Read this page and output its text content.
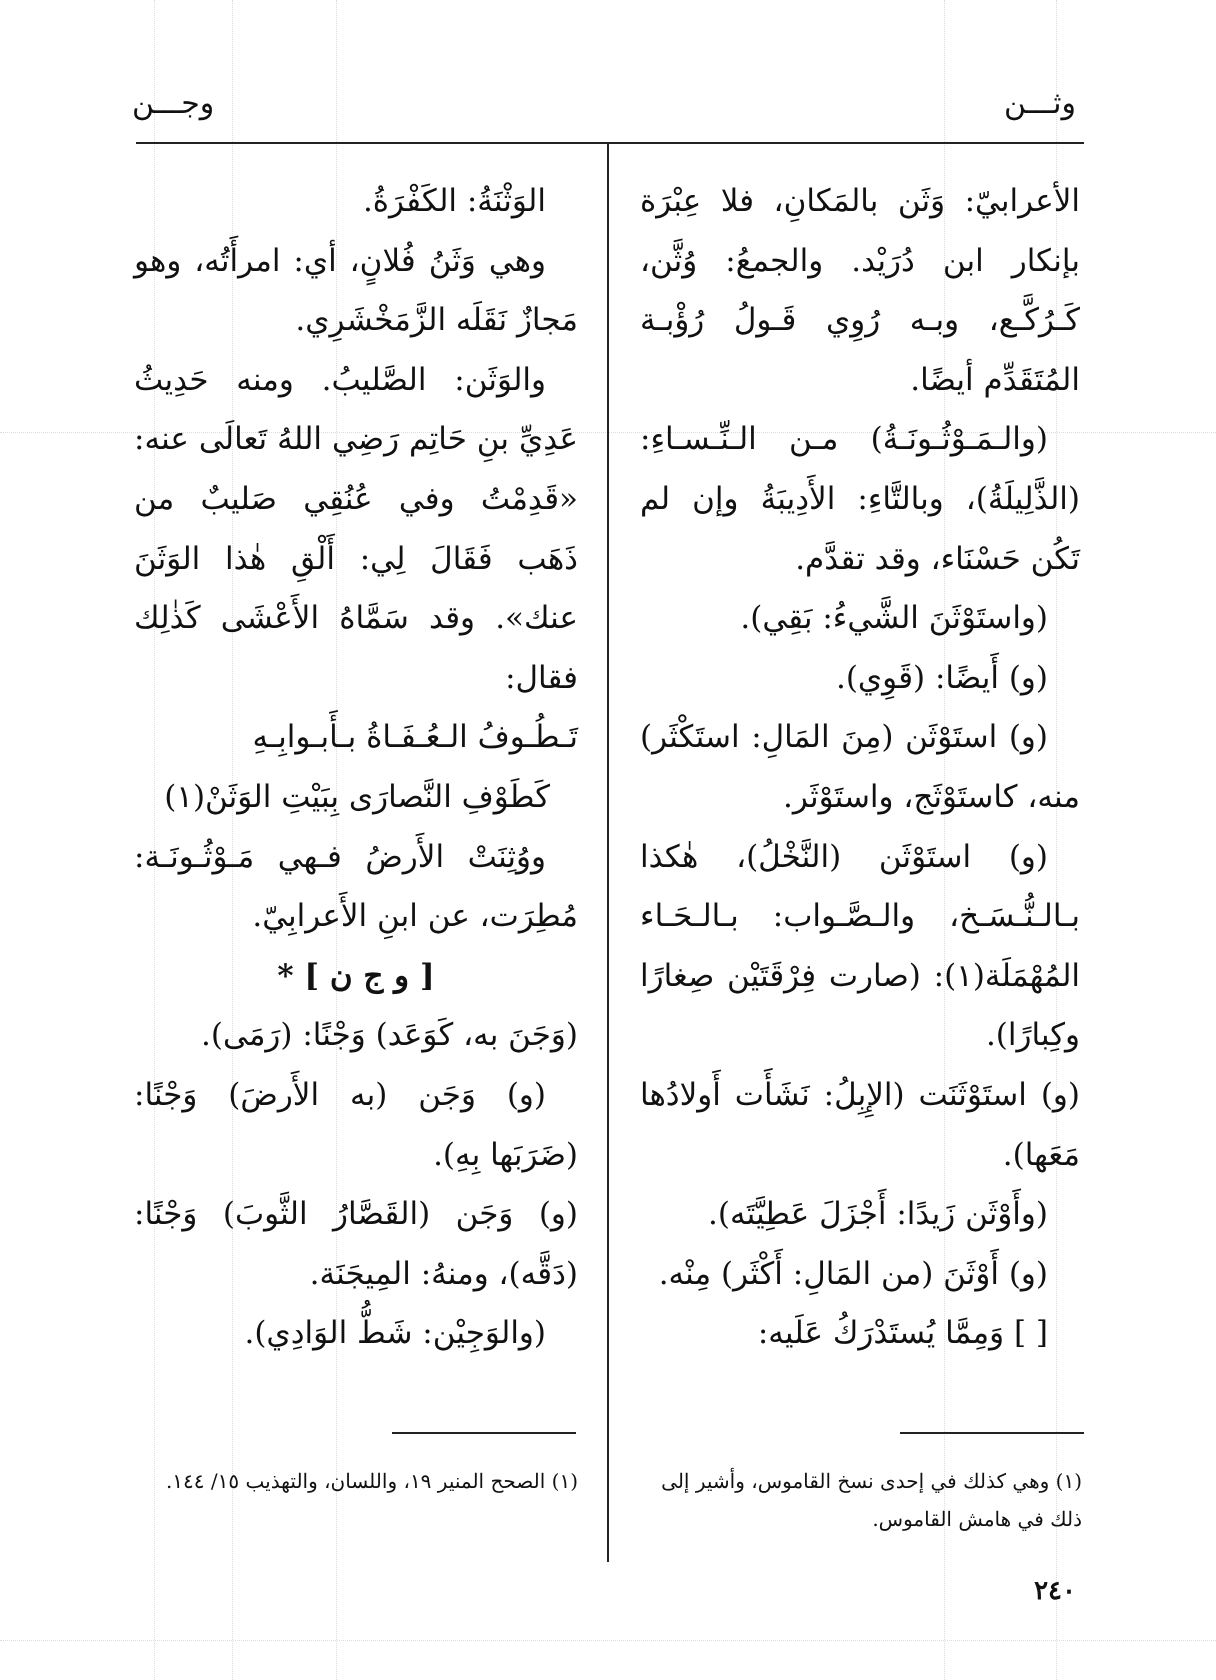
وثـــن
وجـــن

الأعرابيّ: وَثَن بالمَكانِ، فلا عِبْرَة بإنكار ابن دُرَيْد. والجمعُ: وُثَّن، كَـرُكَّـع، وبـه رُوِي قَـولُ رُؤْبـة المُتَقَدِّم أيضًا.

(والـمَـوْثُـونَـةُ) مـن الـنِّـسـاءِ: (الذَّلِيلَةُ)، وبالتَّاءِ: الأَدِيبَةُ وإن لم تَكُن حَسْنَاء، وقد تقدَّم.

(واستَوْثَنَ الشَّيءُ: بَقِي).

(و) أَيضًا: (قَوِي).

(و) استَوْثَن (مِنَ المَالِ: استَكْثَر) منه، كاستَوْثَج، واستَوْثَر.

(و) استَوْثَن (النَّخْلُ)، هٰكذا بـالـنُّـسَـخ، والـصَّـواب: بـالـحَـاء المُهْمَلَة(١): (صارت فِرْقَتَيْن صِغارًا وكِبارًا).

(و) استَوْثَنَت (الإِبِلُ: نَشَأَت أَولادُها مَعَها).

(وأَوْثَن زَيدًا: أَجْزَلَ عَطِيَّتَه).

(و) أَوْثَنَ (من المَالِ: أَكْثَر) مِنْه.

[ ] وَمِمَّا يُستَدْرَكُ عَلَيه:

الوَثْنَةُ: الكَفْرَةُ.

وهي وَثَنُ فُلانٍ، أي: امرأَتُه، وهو مَجازٌ نَقَلَه الزَّمَخْشَرِي.

والوَثَن: الصَّليبُ. ومنه حَدِيثُ عَدِيِّ بنِ حَاتِم رَضِي اللهُ تَعالَى عنه: «قَدِمْتُ وفي عُنُقِي صَليبٌ من ذَهَب فَقَالَ لِي: أَلْقِ هٰذا الوَثَنَ عنك». وقد سَمَّاهُ الأَعْشَى كَذٰلِك فقال:

تَـطُـوفُ الـعُـفَـاةُ بـأَبـوابِـهِ

كَطَوْفِ النَّصارَى بِبَيْتِ الوَثَنْ(١)

ووُثِنَتْ الأَرضُ فـهي مَـوْثُـونَـة: مُطِرَت، عن ابنِ الأَعرابِيّ.

[ و ج ن ] *

(وَجَنَ به، كَوَعَد) وَجْنًا: (رَمَى).

(و) وَجَن (به الأَرضَ) وَجْنًا: (ضَرَبَها بِهِ).

(و) وَجَن (القَصَّارُ الثَّوبَ) وَجْنًا: (دَقَّه)، ومنهُ: المِيجَنَة.

(والوَجِيْن: شَطُّ الوَادِي).

(١) وهي كذلك في إحدى نسخ القاموس، وأشير إلى ذلك في هامش القاموس.
(١) الصحح المنير ١٩، واللسان، والتهذيب ١٥/ ١٤٤.
٢٤٠
